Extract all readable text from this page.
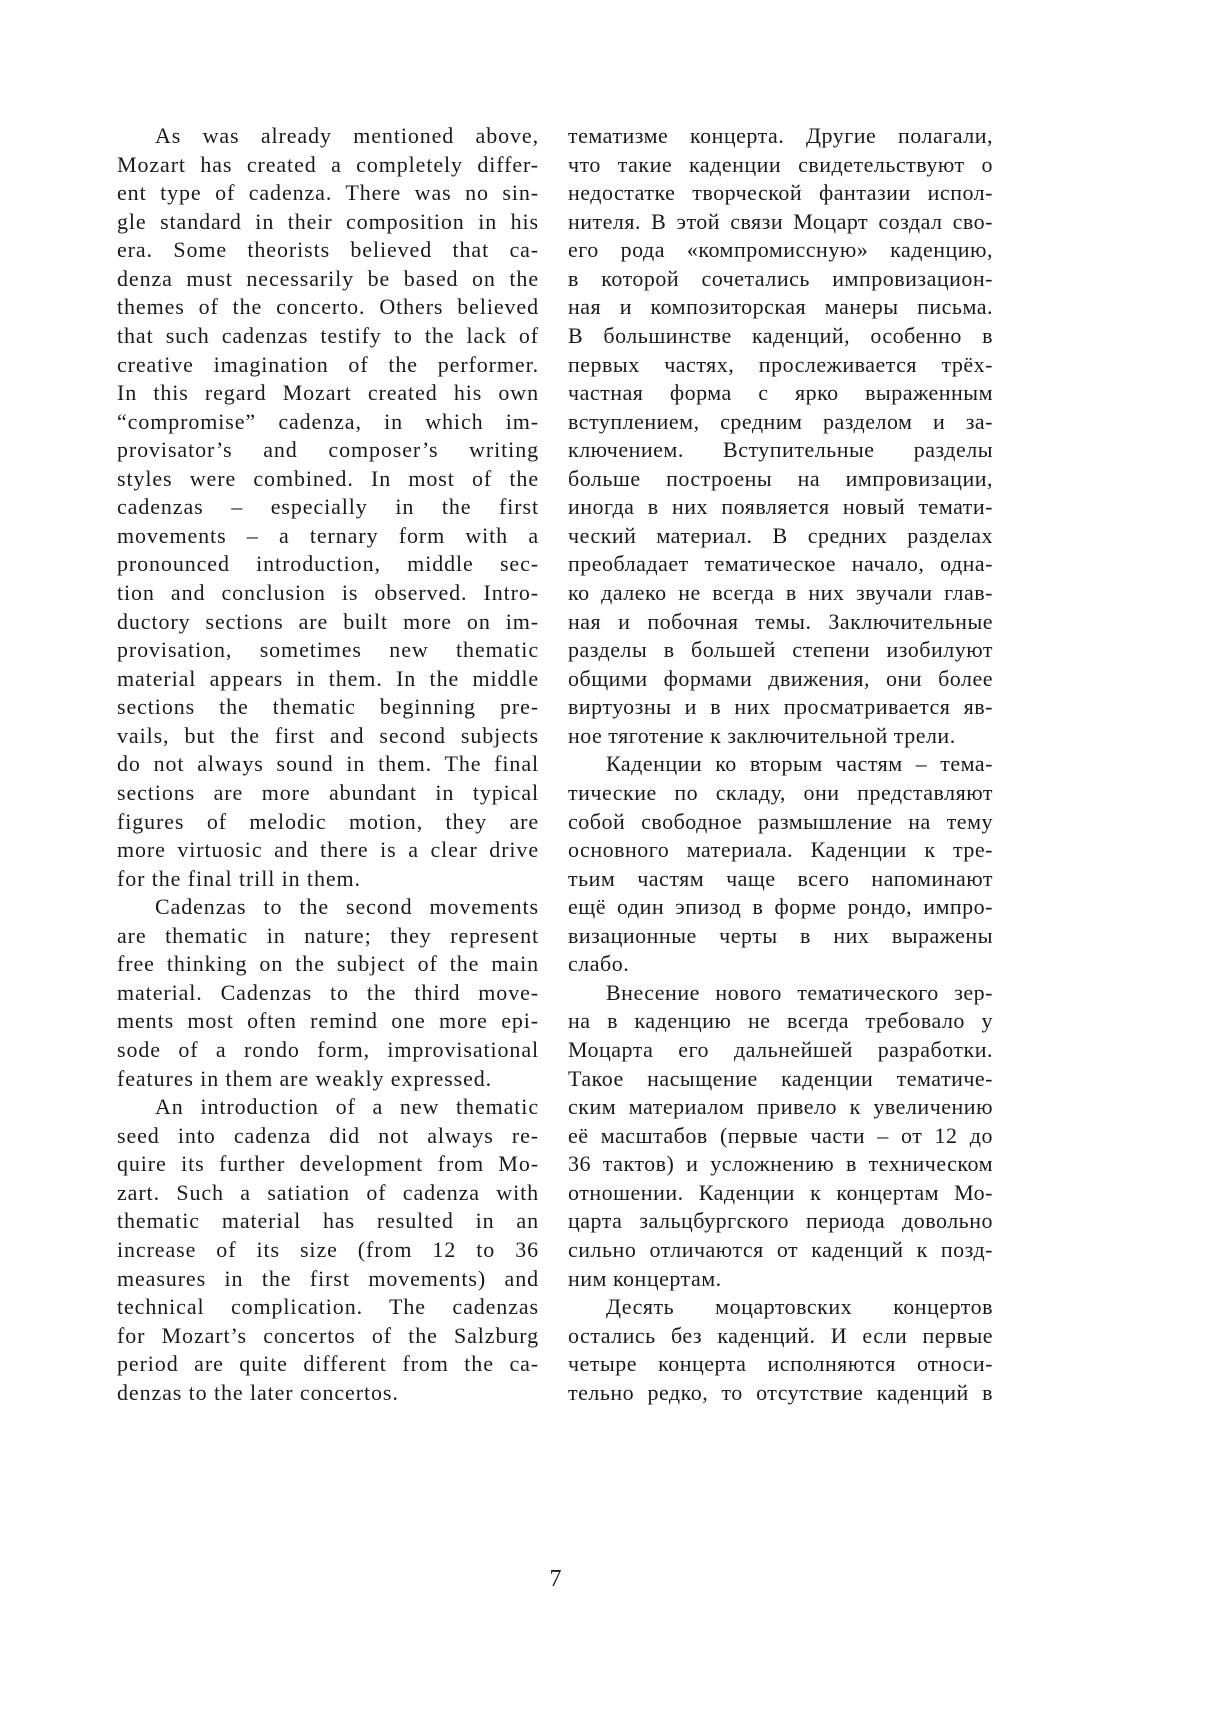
As was already mentioned above,
Mozart has created a completely differ-
ent type of cadenza. There was no sin-
gle standard in their composition in his
era. Some theorists believed that ca-
denza must necessarily be based on the
themes of the concerto. Others believed
that such cadenzas testify to the lack of
creative imagination of the performer.
In this regard Mozart created his own
“compromise” cadenza, in which im-
provisator’s and composer’s writing
styles were combined. In most of the
cadenzas – especially in the first
movements – a ternary form with a
pronounced introduction, middle sec-
tion and conclusion is observed. Intro-
ductory sections are built more on im-
provisation, sometimes new thematic
material appears in them. In the middle
sections the thematic beginning pre-
vails, but the first and second subjects
do not always sound in them. The final
sections are more abundant in typical
figures of melodic motion, they are
more virtuosic and there is a clear drive
for the final trill in them.
Cadenzas to the second movements
are thematic in nature; they represent
free thinking on the subject of the main
material. Cadenzas to the third move-
ments most often remind one more epi-
sode of a rondo form, improvisational
features in them are weakly expressed.
An introduction of a new thematic
seed into cadenza did not always re-
quire its further development from Mo-
zart. Such a satiation of cadenza with
thematic material has resulted in an
increase of its size (from 12 to 36
measures in the first movements) and
technical complication. The cadenzas
for Mozart’s concertos of the Salzburg
period are quite different from the ca-
denzas to the later concertos.
тематизме концерта. Другие полагали,
что такие каденции свидетельствуют о
недостатке творческой фантазии испол-
нителя. В этой связи Моцарт создал сво-
его рода «компромиссную» каденцию,
в которой сочетались импровизацион-
ная и композиторская манеры письма.
В большинстве каденций, особенно в
первых частях, прослеживается трёх-
частная форма с ярко выраженным
вступлением, средним разделом и за-
ключением. Вступительные разделы
больше построены на импровизации,
иногда в них появляется новый темати-
ческий материал. В средних разделах
преобладает тематическое начало, одна-
ко далеко не всегда в них звучали глав-
ная и побочная темы. Заключительные
разделы в большей степени изобилуют
общими формами движения, они более
виртуозны и в них просматривается яв-
ное тяготение к заключительной трели.
Каденции ко вторым частям – тема-
тические по складу, они представляют
собой свободное размышление на тему
основного материала. Каденции к тре-
тьим частям чаще всего напоминают
ещё один эпизод в форме рондо, импро-
визационные черты в них выражены
слабо.
Внесение нового тематического зер-
на в каденцию не всегда требовало у
Моцарта его дальнейшей разработки.
Такое насыщение каденции тематиче-
ским материалом привело к увеличению
её масштабов (первые части – от 12 до
36 тактов) и усложнению в техническом
отношении. Каденции к концертам Мо-
царта зальцбургского периода довольно
сильно отличаются от каденций к позд-
ним концертам.
Десять моцартовских концертов
остались без каденций. И если первые
четыре концерта исполняются относи-
тельно редко, то отсутствие каденций в
7
